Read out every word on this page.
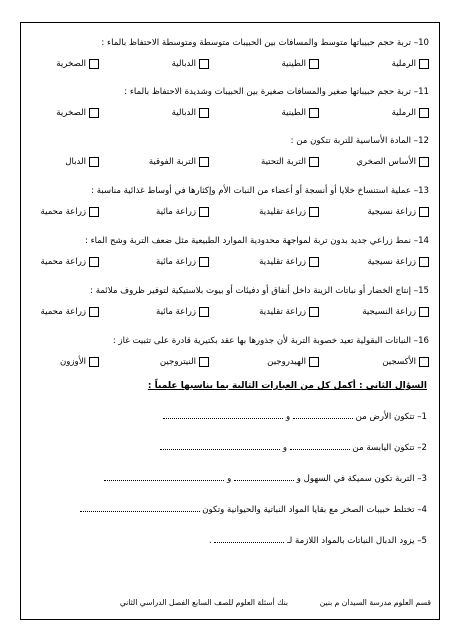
10– تربة حجم حبيباتها متوسط والمسافات بين الحبيبات متوسطة ومتوسطة الاحتفاظ بالماء :
الرملية
الطينية
الدبالية
الصخرية
11– تربة حجم حبيباتها صغير والمسافات صغيرة بين الحبيبات وشديدة الاحتفاظ بالماء :
الرملية
الطينية
الدبالية
الصخرية
12– المادة الأساسية للتربة تتكون من :
الأساس الصخري
التربة التحتية
التربة الفوقية
الدبال
13– عملية استنساخ خلايا أو أنسجة أو أعضاء من النبات الأم وإكثارها في أوساط غذائية مناسبة :
زراعة نسيجية
زراعة تقليدية
زراعة مائية
زراعة محمية
14– نمط زراعي جديد بدون تربة لمواجهة محدودية الموارد الطبيعية مثل ضعف التربة وشح الماء :
زراعة نسيجية
زراعة تقليدية
زراعة مائية
زراعة محمية
15– إنتاج الخضار أو نباتات الزينة داخل أنفاق أو دفيئات أو بيوت بلاستيكية لتوفير ظروف ملائمة :
زراعة النسيجية
زراعة تقليدية
زراعة مائية
زراعة محمية
16– النباتات البقولية تعيد خصوبة التربة لأن جذورها بها عقد بكتيرية قادرة على تثبيت غاز :
الأكسجين
الهيدروجين
النيتروجين
الأوزون
السؤال الثاني : أكمل كل من العبارات التالية بما يناسبها علمياً :
1– تتكون الأرض من  و
2– تتكون اليابسة من  و
3– التربة تكون سميكة في السهول و  و
4– تختلط حبيبات الصخر مع بقايا المواد النباتية والحيوانية وتكون
5– يزود الدبال النباتات بالمواد اللازمة لـ  .
قسم العلوم مدرسة السيدان م بنين
بنك أسئلة العلوم للصف السابع الفصل الدراسي الثاني
